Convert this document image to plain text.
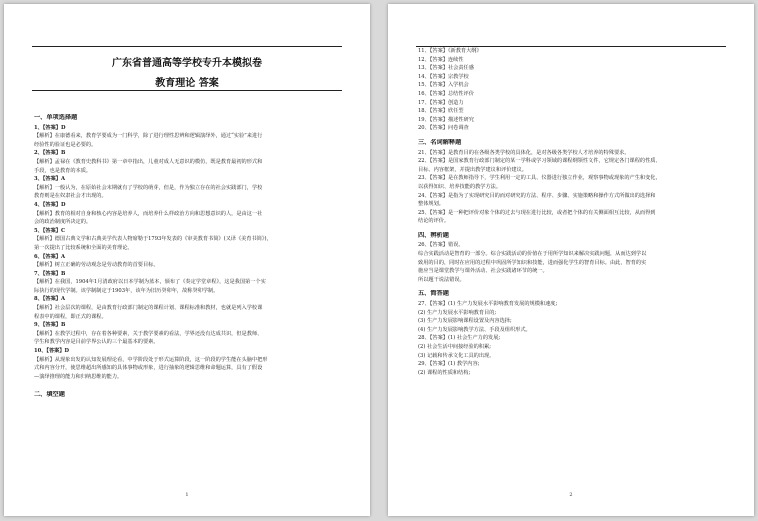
广东省普通高等学校专升本模拟卷
教育理论 答案

一、单项选择题

1、【答案】D

【解析】在康德看来，教育学要成为一门科学，除了进行理性思辨和逻辑演绎外，通过“实验”来进行

经验性的验证也是必要的。

2、【答案】B

【解析】孟禄在《教育史教科书》第一章中指出，儿童对成人无意识的模仿，既是教育最初的形式和

手段，也是教育的本质。

3、【答案】A

【解析】一般认为，在原始社会末期就有了学校的萌芽，但是，作为独立存在的社会实践部门，学校

教育则是在奴隶社会才出现的。

4、【答案】D

【解析】教育的相对自身和核心内容是培养人，而培养什么样政治方向和思想意识的人，是由这一社

会的政治制度所决定的。

5、【答案】C

【解析】德国古典文学和古典美学代表人物席勒于1793年发表的《审美教育书简》(又译《美育书简》)，

第一次提出了比较系统和全面的美育理论。

6、【答案】A

【解析】树立正确的劳动观念是劳动教育的首要目标。

7、【答案】B

【解析】在我国，1904年1月清政府以日本学制为蓝本，颁布了《奏定学堂章程》，这是我国第一个实

际执行的现代学制。该学制制定于1903年，该年为旧历癸卯年，故称癸卯学制。

8、【答案】A

【解析】社会层次的课程，是由教育行政部门制定的课程计划、课程标准和教材，也就是列入学校课

程表中的课程，即正式的课程。

9、【答案】B

【解析】在教学过程中，存在着各种要素，关于教学要素的看法，学界还没有达成共识，但是教师、

学生和教学内容是目前学界公认的三个最基本的要素。

10、【答案】D

【解析】从现象出发的认知发展理论看，中学阶段处于形式运算阶段，这一阶段的学生能在头脑中把形

式和内容分开，使思维超出所感知的具体事物或形象，进行抽象的逻辑思维和命题运算，具有了假设

—演绎推理的能力和归纳思维的能力。

二、填空题

1

11、【答案】《新教育大纲》

12、【答案】连续性

13、【答案】社会责任感

14、【答案】宗教学校

15、【答案】入学机会

16、【答案】总结性评价

17、【答案】创造力

18、【答案】欣任型

19、【答案】描述性研究

20、【答案】问卷调查

三、名词解释题

21、【答案】是教育目的在各级各类学校的具体化，是对各级各类学校人才培养的特殊要求。

22、【答案】是国家教育行政部门制定的某一学科或学习领域的课程纲领性文件，它规定各门课程的性质、

目标、内容框架，并提出教学建议和评价建议。

23、【答案】是在教师指导下，学生利用一定的工具、仪器进行独立作业，观察事物或现象的产生和变化，

以获得知识、培养技能的教学方法。

24、【答案】是指为了实现研究目的而对研究的方法、程序、步骤、实施策略和操作方式所做出的选择和

整体规划。

25、【答案】是一种把评价对象个体的过去与现在进行比较，或者把个体的有关侧面相互比较，从而得到

结论的评价。

四、辨析题

26、【答案】错误。

综合实践活动是智育的一部分。综合实践活动的价值在于用所学知识来解决实践问题，从而达到学以

致用的目的，同时在应用的过程中巩固所学知识和技能，进而强化学生的智育目标。由此，智育的实

施应当是课堂教学与课外活动、社会实践诸环节的统一。

所以题干说法错误。

五、简答题

27、【答案】(1) 生产力发展水平影响教育发展的规模和速度;

(2) 生产力发展水平影响教育目的;

(3) 生产力发展影响课程设置及内容选择;

(4) 生产力发展影响教学方法、手段及组织形式。

28、【答案】(1) 社会生产力的发展;

(2) 社会生活中间接经验的积累;

(3) 记载和传承文化工具的出现。

29、【答案】(1) 教学内容;

(2) 课程的性质和结构;

2
